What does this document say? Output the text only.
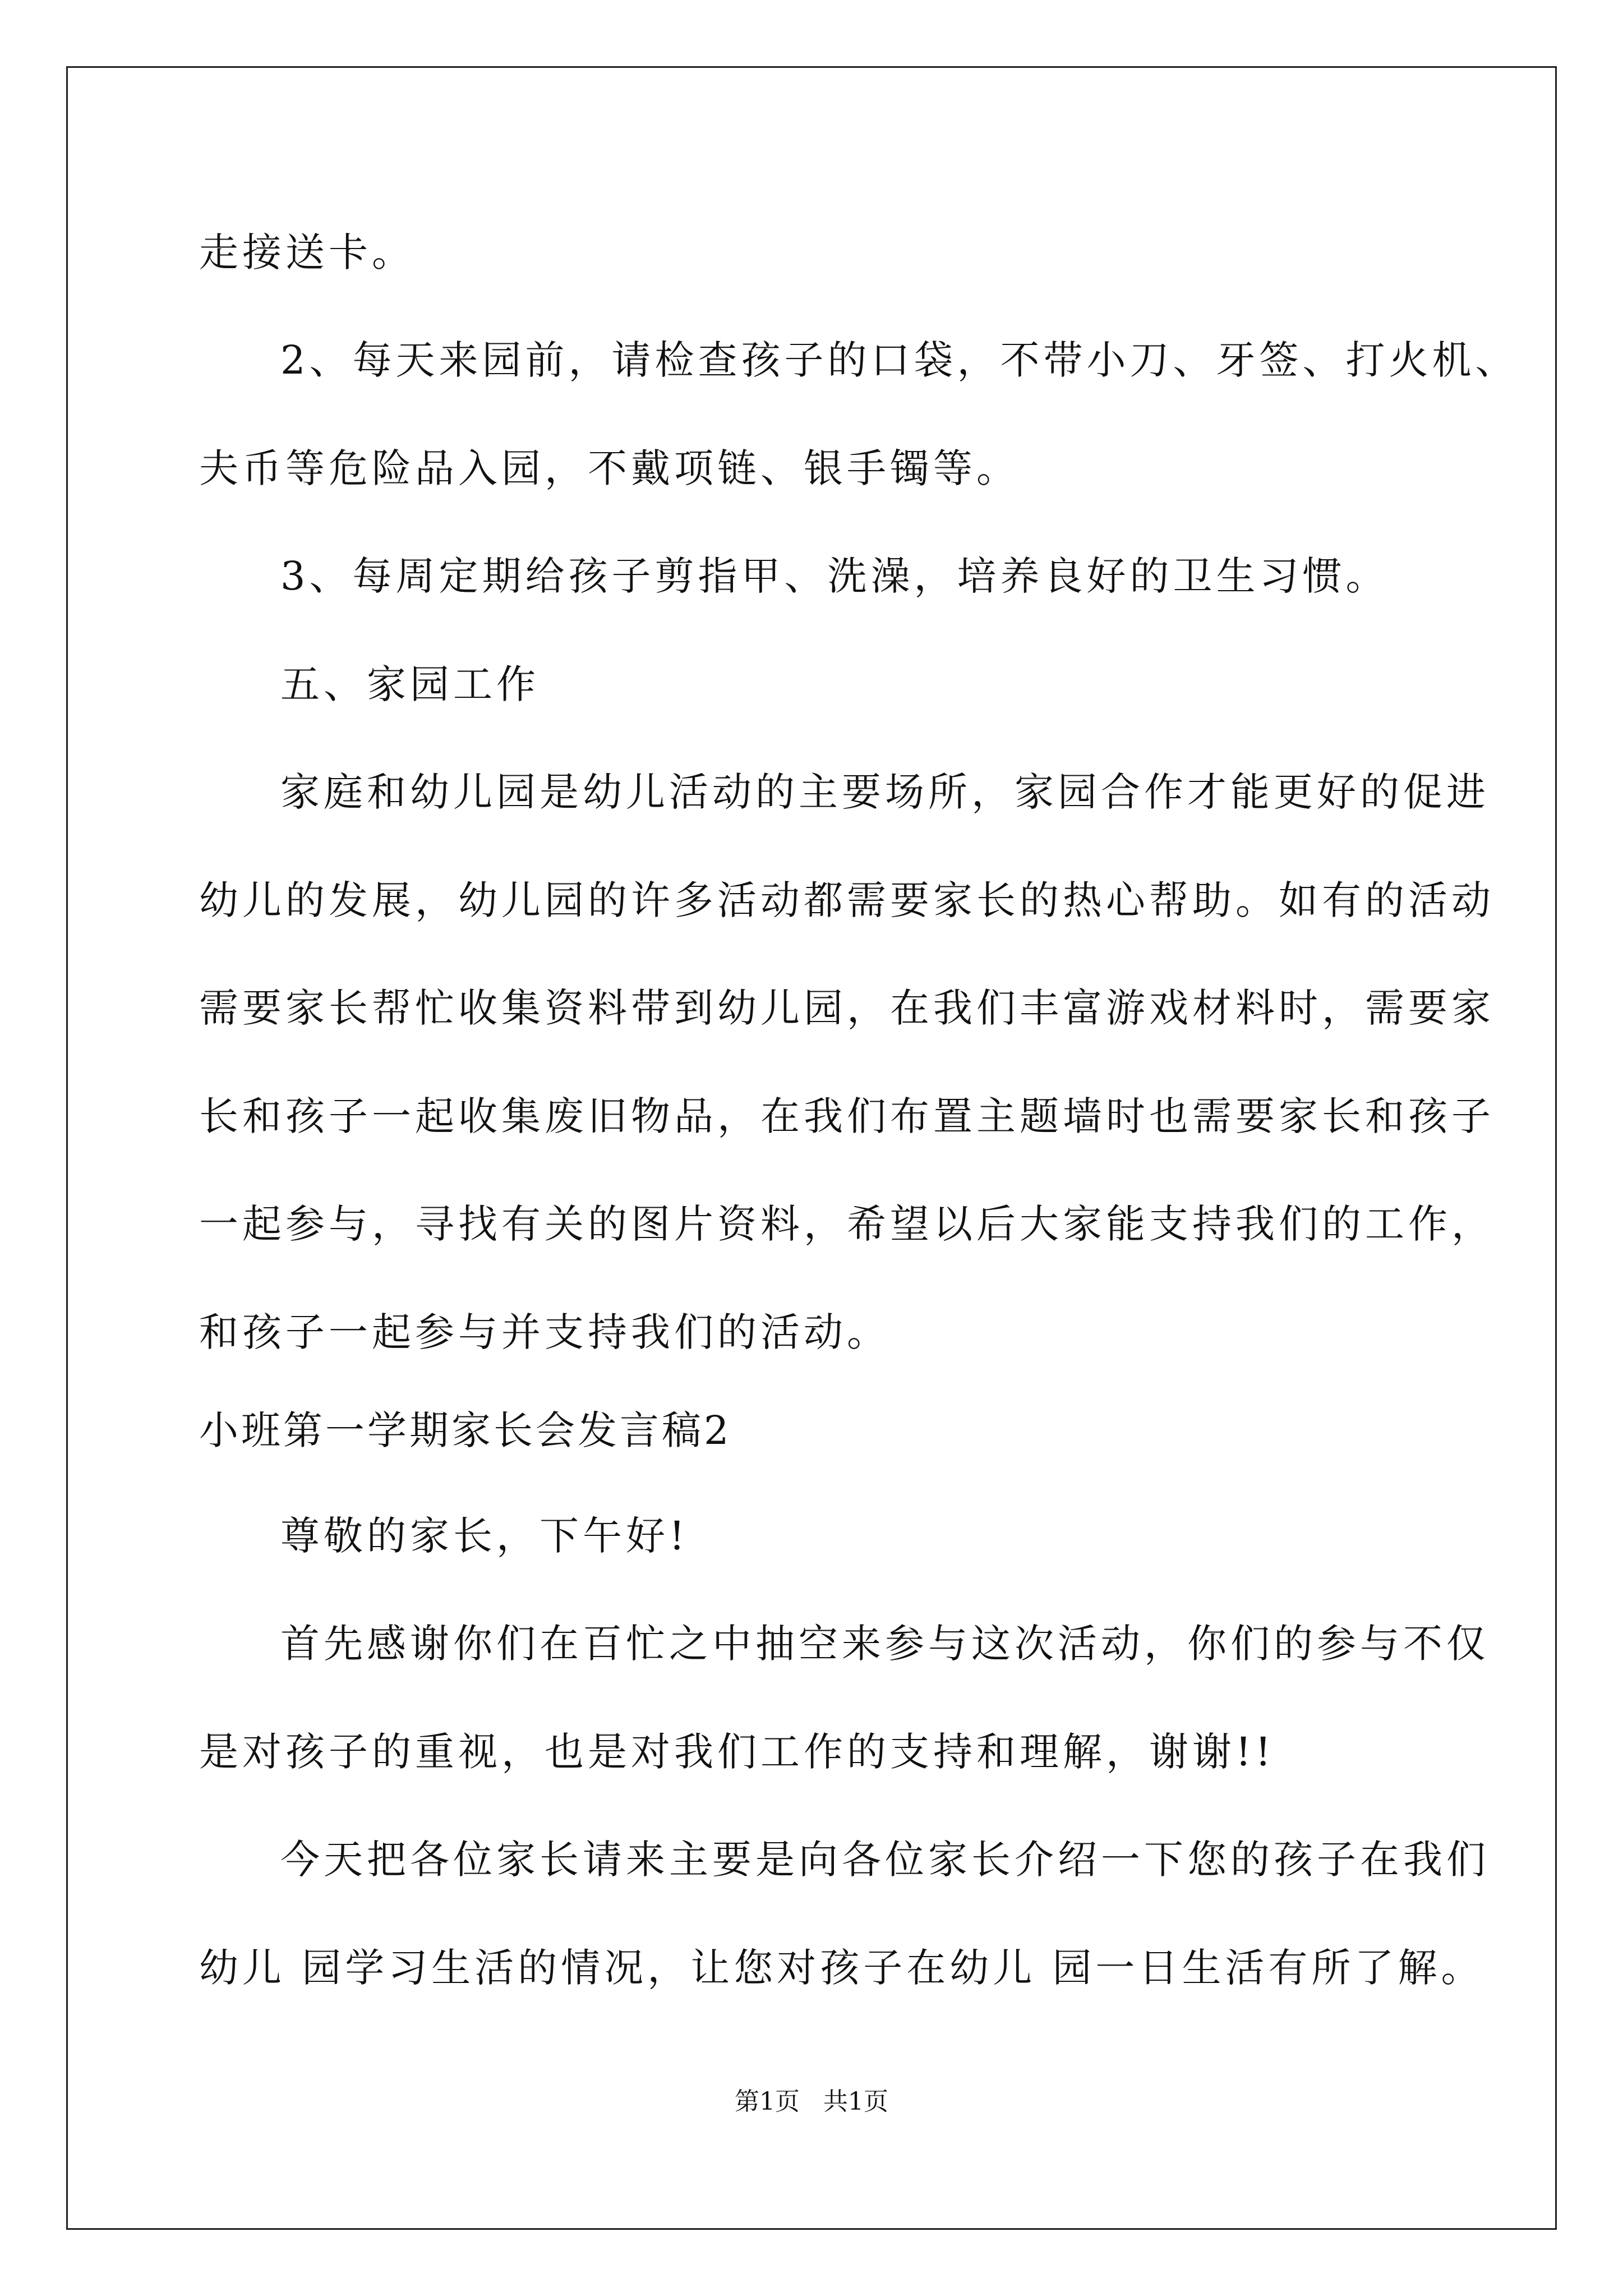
走接送卡。

2、每天来园前，请检查孩子的口袋，不带小刀、牙签、打火机、

夫币等危险品入园，不戴项链、银手镯等。

3、每周定期给孩子剪指甲、洗澡，培养良好的卫生习惯。

五、家园工作

家庭和幼儿园是幼儿活动的主要场所，家园合作才能更好的促进

幼儿的发展，幼儿园的许多活动都需要家长的热心帮助。如有的活动

需要家长帮忙收集资料带到幼儿园，在我们丰富游戏材料时，需要家

长和孩子一起收集废旧物品，在我们布置主题墙时也需要家长和孩子

一起参与，寻找有关的图片资料，希望以后大家能支持我们的工作，

和孩子一起参与并支持我们的活动。

小班第一学期家长会发言稿2

尊敬的家长，下午好!

首先感谢你们在百忙之中抽空来参与这次活动，你们的参与不仅

是对孩子的重视，也是对我们工作的支持和理解，谢谢!!

今天把各位家长请来主要是向各位家长介绍一下您的孩子在我们

幼儿 园学习生活的情况，让您对孩子在幼儿 园一日生活有所了解。

第1页   共1页
